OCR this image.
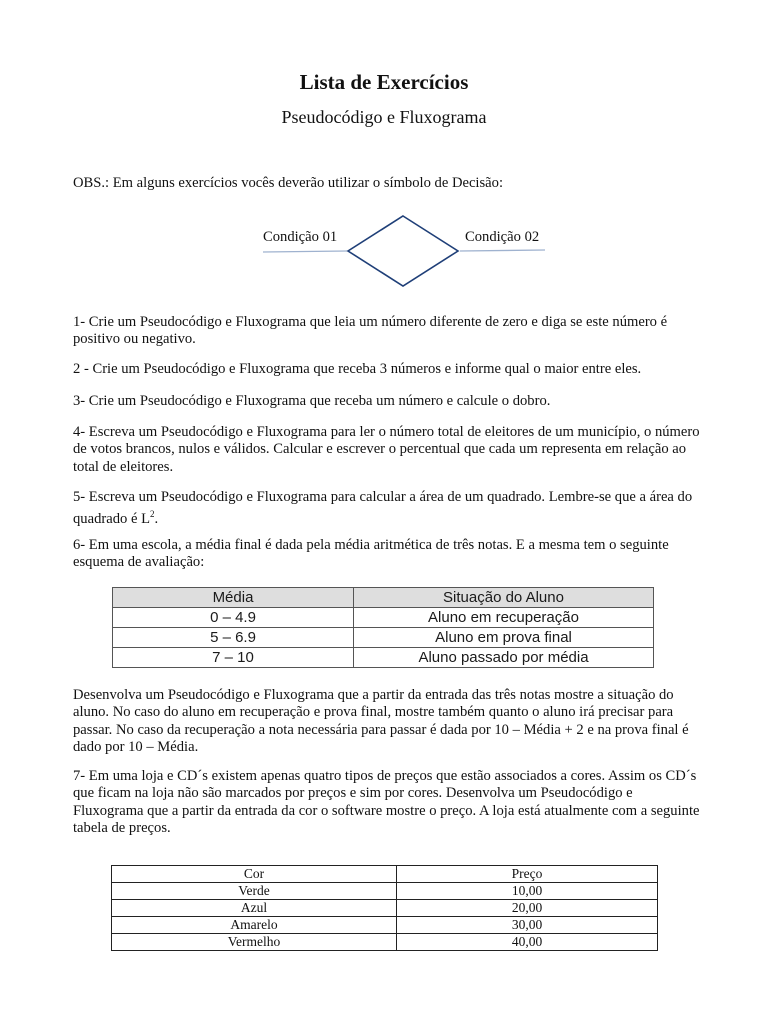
Lista de Exercícios
Pseudocódigo e Fluxograma
OBS.: Em alguns exercícios vocês deverão utilizar o símbolo de Decisão:
Condição 01	Condição 02
1- Crie um Pseudocódigo e Fluxograma que leia um número diferente de zero e diga se este número é positivo ou negativo.
2 - Crie um Pseudocódigo e Fluxograma que receba 3 números e informe qual o maior entre eles.
3- Crie um Pseudocódigo e Fluxograma que receba um número e calcule o dobro.
4- Escreva um Pseudocódigo e Fluxograma para ler o número total de eleitores de um município, o número de votos brancos, nulos e válidos. Calcular e escrever o percentual que cada um representa em relação ao total de eleitores.
5- Escreva um Pseudocódigo e Fluxograma para calcular a área de um quadrado. Lembre-se que a área do quadrado é $L^2$.
6- Em uma escola, a média final é dada pela média aritmética de três notas. E a mesma tem o seguinte esquema de avaliação:
Média	Situação do Aluno
0 – 4.9	Aluno em recuperação
5 – 6.9	Aluno em prova final
7 – 10	Aluno passado por média
Desenvolva um Pseudocódigo e Fluxograma que a partir da entrada das três notas mostre a situação do aluno. No caso do aluno em recuperação e prova final, mostre também quanto o aluno irá precisar para passar. No caso da recuperação a nota necessária para passar é dada por 10 – Média + 2 e na prova final é dado por 10 – Média.
7- Em uma loja e CD´s existem apenas quatro tipos de preços que estão associados a cores. Assim os CD´s que ficam na loja não são marcados por preços e sim por cores. Desenvolva um Pseudocódigo e Fluxograma que a partir da entrada da cor o software mostre o preço. A loja está atualmente com a seguinte tabela de preços.
Cor	Preço
Verde	10,00
Azul	20,00
Amarelo	30,00
Vermelho	40,00
